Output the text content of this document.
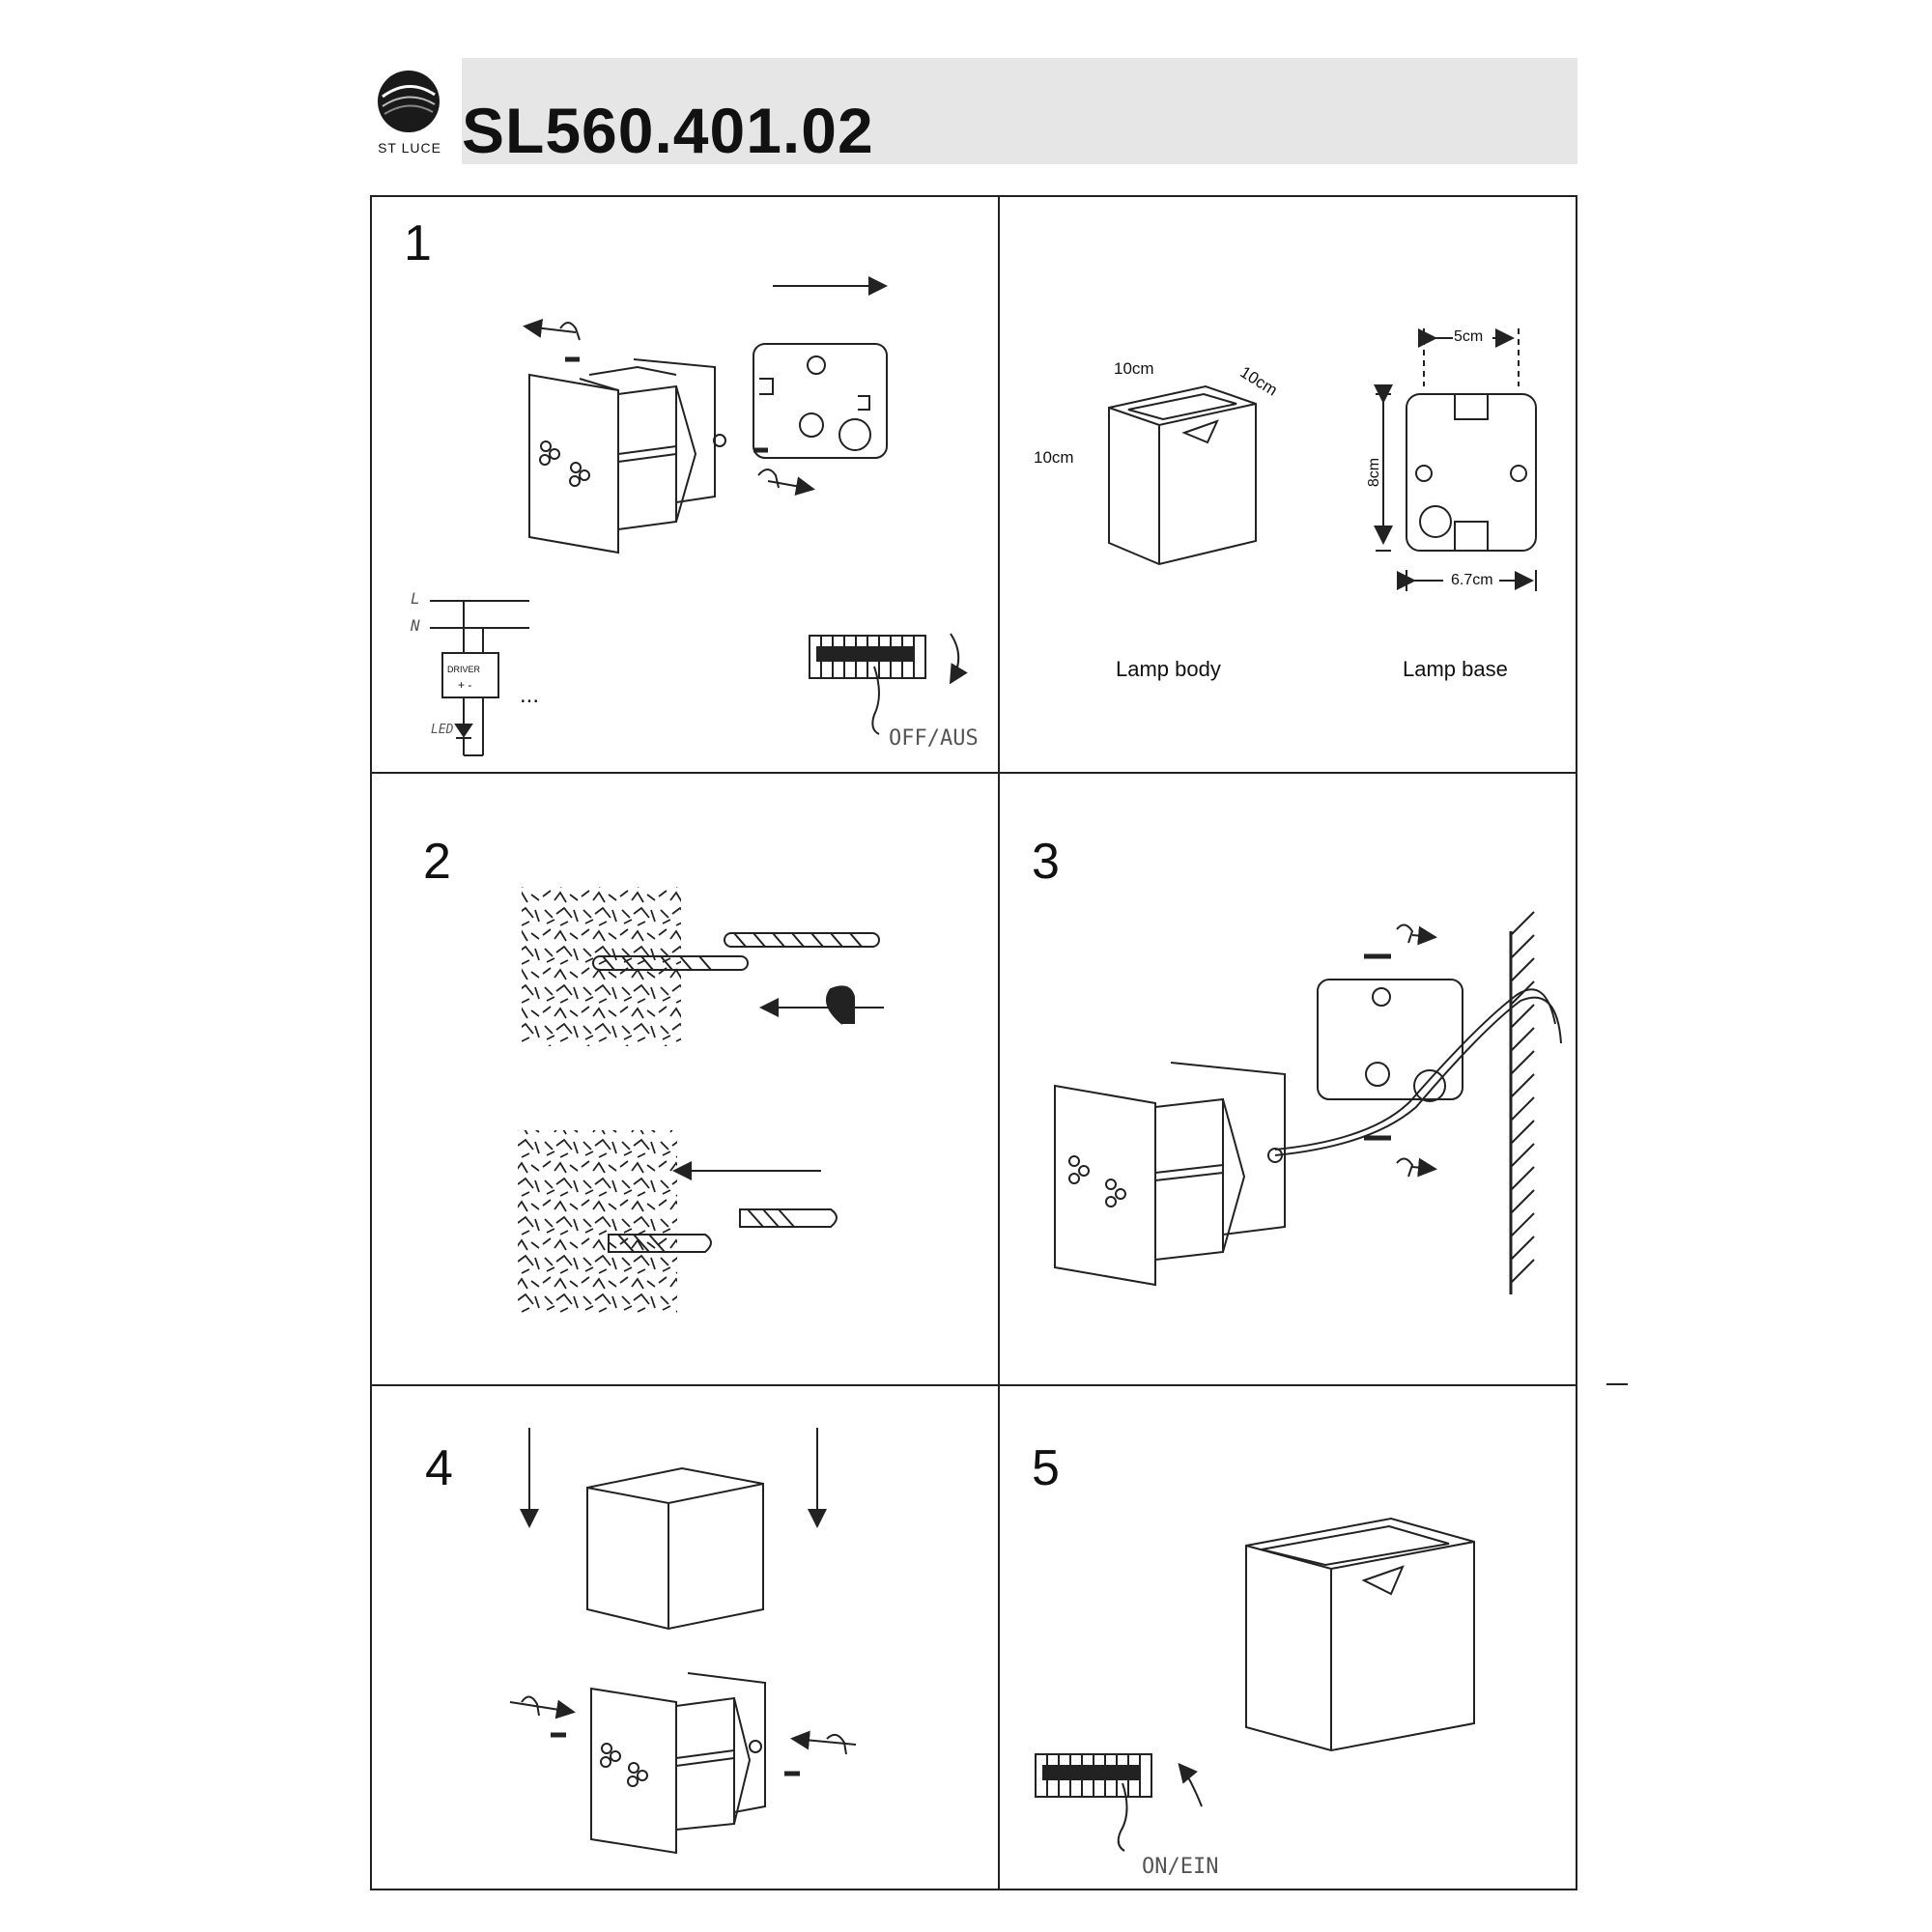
ST LUCE SL560.401.02
1
2	3
4	5
10cm	10cm
10cm
5cm
8cm
6.7cm
Lamp body	Lamp base
L
N
DRIVER
+ -
LED
...
OFF/AUS
ON/EIN
